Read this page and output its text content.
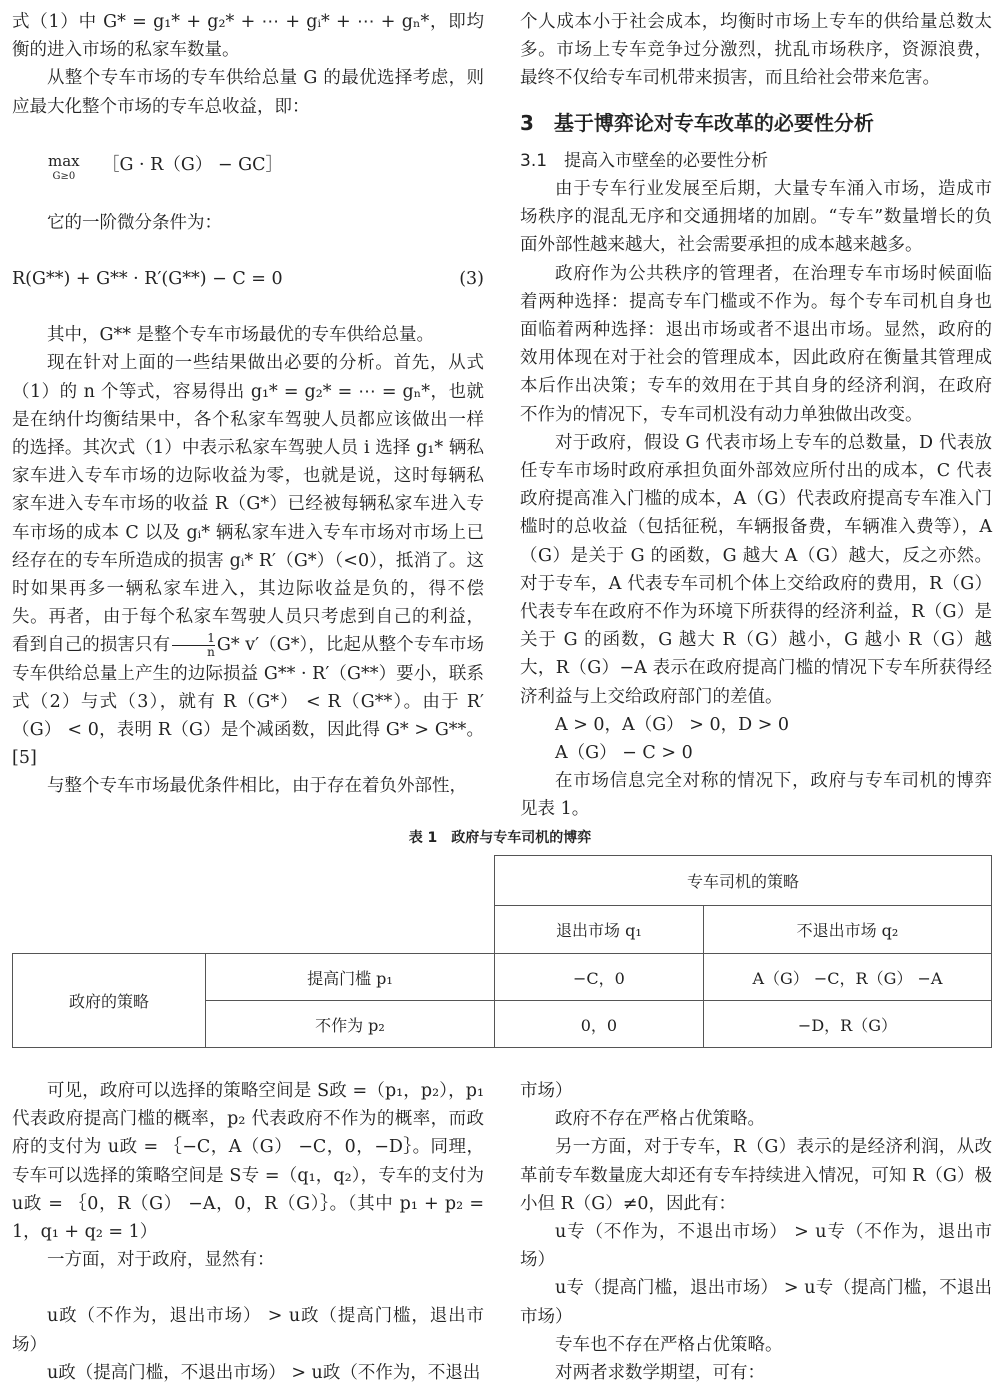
式（1）中 G* = g₁* + g₂* + ⋯ + gᵢ* + ⋯ + gₙ*，即均衡的进入市场的私家车数量。

从整个专车市场的专车供给总量 G 的最优选择考虑，则应最大化整个市场的专车总收益，即：

max
G≥0
［G · R（G） − GC］

它的一阶微分条件为：

(3)
R(G**) + G** · R′(G**) − C = 0

其中，G** 是整个专车市场最优的专车供给总量。

现在针对上面的一些结果做出必要的分析。首先，从式（1）的 n 个等式，容易得出 g₁* = g₂* = ⋯ = gₙ*，也就是在纳什均衡结果中，各个私家车驾驶人员都应该做出一样的选择。其次式（1）中表示私家车驾驶人员 i 选择 g₁* 辆私家车进入专车市场的边际收益为零，也就是说，这时每辆私家车进入专车市场的收益 R（G*）已经被每辆私家车进入专车市场的成本 C 以及 gᵢ* 辆私家车进入专车市场对市场上已经存在的专车所造成的损害 gᵢ* R′（G*）（<0），抵消了。这时如果再多一辆私家车进入，其边际收益是负的，得不偿失。再者，由于每个私家车驾驶人员只考虑到自己的利益，看到自己的损害只有 $\frac{1}{n} G*$ v′（G*），比起从整个专车市场专车供给总量上产生的边际损益 G** · R′（G**）要小，联系式（2）与式（3），就有 R（G*） < R（G**）。由于 R′（G） < 0，表明 R（G）是个减函数，因此得 G* > G**。[5]

与整个专车市场最优条件相比，由于存在着负外部性，

个人成本小于社会成本，均衡时市场上专车的供给量总数太多。市场上专车竞争过分激烈，扰乱市场秩序，资源浪费，最终不仅给专车司机带来损害，而且给社会带来危害。

3　基于博弈论对专车改革的必要性分析

3.1　提高入市壁垒的必要性分析

由于专车行业发展至后期，大量专车涌入市场，造成市场秩序的混乱无序和交通拥堵的加剧。“专车”数量增长的负面外部性越来越大，社会需要承担的成本越来越多。

政府作为公共秩序的管理者，在治理专车市场时候面临着两种选择：提高专车门槛或不作为。每个专车司机自身也面临着两种选择：退出市场或者不退出市场。显然，政府的效用体现在对于社会的管理成本，因此政府在衡量其管理成本后作出决策；专车的效用在于其自身的经济利润，在政府不作为的情况下，专车司机没有动力单独做出改变。

对于政府，假设 G 代表市场上专车的总数量，D 代表放任专车市场时政府承担负面外部效应所付出的成本，C 代表政府提高准入门槛的成本，A（G）代表政府提高专车准入门槛时的总收益（包括征税，车辆报备费，车辆准入费等），A（G）是关于 G 的函数，G 越大 A（G）越大，反之亦然。对于专车，A 代表专车司机个体上交给政府的费用，R（G）代表专车在政府不作为环境下所获得的经济利益，R（G）是关于 G 的函数，G 越大 R（G）越小，G 越小 R（G）越大，R（G）−A 表示在政府提高门槛的情况下专车所获得经济利益与上交给政府部门的差值。

A > 0，A（G） > 0，D > 0

A（G） − C > 0

在市场信息完全对称的情况下，政府与专车司机的博弈见表 1。

表 1　政府与专车司机的博弈
		专车司机的策略	
		退出市场 q₁	不退出市场 q₂
政府的策略	提高门槛 p₁	−C，0	A（G） −C，R（G） −A
	不作为 p₂	0，0	−D，R（G）

可见，政府可以选择的策略空间是 S政 =（p₁，p₂），p₁ 代表政府提高门槛的概率，p₂ 代表政府不作为的概率，而政府的支付为 u政 = ｛−C，A（G） −C，0，−D｝。同理，专车可以选择的策略空间是 S专 =（q₁，q₂），专车的支付为 u政 = ｛0，R（G） −A，0，R（G）｝。（其中 p₁ + p₂ = 1，q₁ + q₂ = 1）

一方面，对于政府，显然有：

u政（不作为，退出市场） > u政（提高门槛，退出市场）

u政（提高门槛，不退出市场） > u政（不作为，不退出

市场）

政府不存在严格占优策略。

另一方面，对于专车，R（G）表示的是经济利润，从改革前专车数量庞大却还有专车持续进入情况，可知 R（G）极小但 R（G）≠0，因此有：

u专（不作为，不退出市场） > u专（不作为，退出市场）

u专（提高门槛，退出市场） > u专（提高门槛，不退出市场）

专车也不存在严格占优策略。

对两者求数学期望，可有：
